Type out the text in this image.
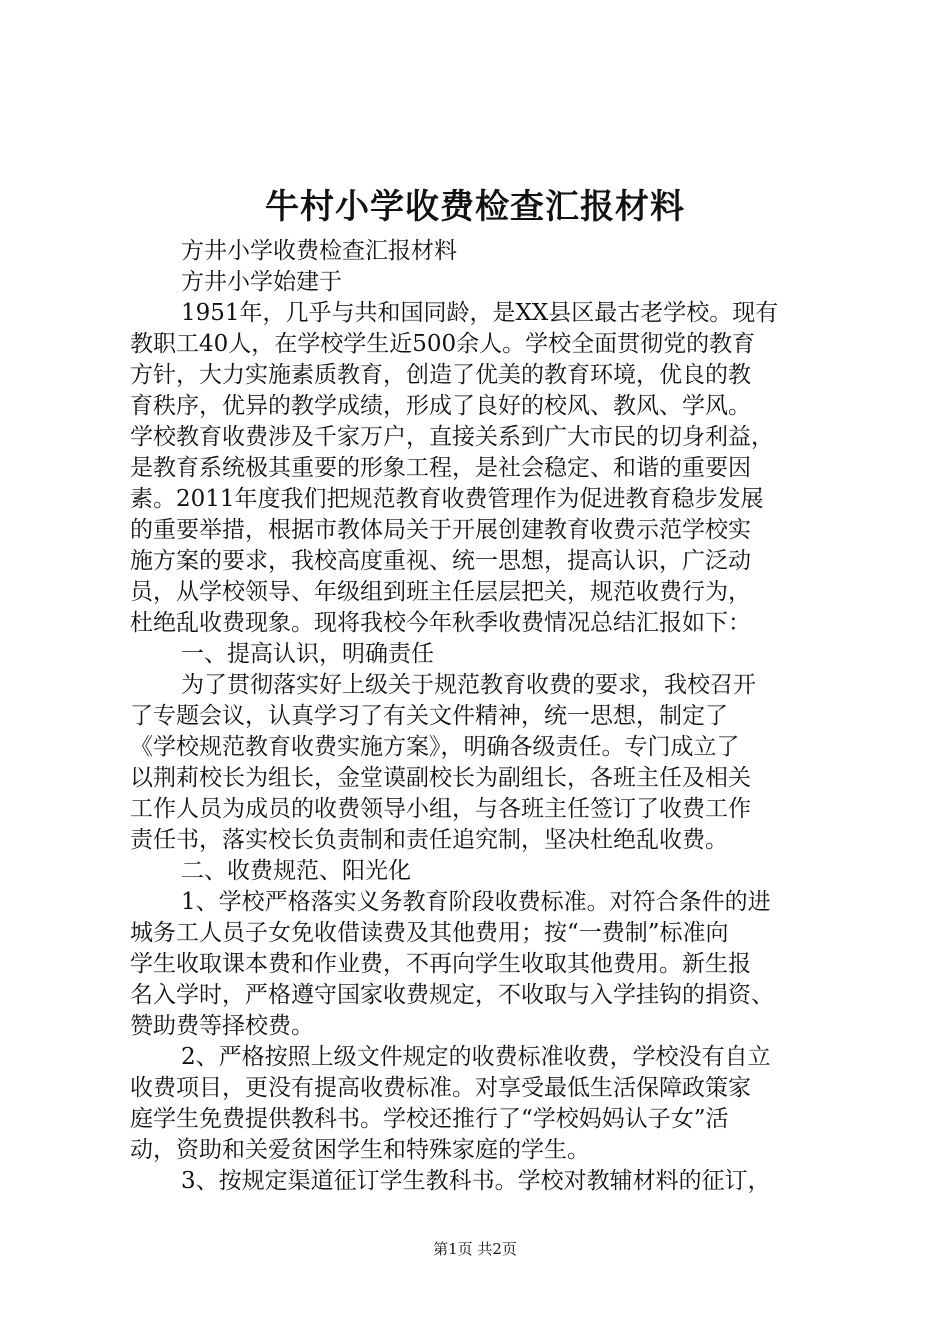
牛村小学收费检查汇报材料
方井小学收费检查汇报材料
方井小学始建于
1951年，几乎与共和国同龄，是XX县区最古老学校。现有
教职工40人，在学校学生近500余人。学校全面贯彻党的教育
方针，大力实施素质教育，创造了优美的教育环境，优良的教
育秩序，优异的教学成绩，形成了良好的校风、教风、学风。
学校教育收费涉及千家万户，直接关系到广大市民的切身利益，
是教育系统极其重要的形象工程，是社会稳定、和谐的重要因
素。2011年度我们把规范教育收费管理作为促进教育稳步发展
的重要举措，根据市教体局关于开展创建教育收费示范学校实
施方案的要求，我校高度重视、统一思想，提高认识，广泛动
员，从学校领导、年级组到班主任层层把关，规范收费行为，
杜绝乱收费现象。现将我校今年秋季收费情况总结汇报如下：
一、提高认识，明确责任
为了贯彻落实好上级关于规范教育收费的要求，我校召开
了专题会议，认真学习了有关文件精神，统一思想，制定了
《学校规范教育收费实施方案》，明确各级责任。专门成立了
以荆莉校长为组长，金堂谟副校长为副组长，各班主任及相关
工作人员为成员的收费领导小组，与各班主任签订了收费工作
责任书，落实校长负责制和责任追究制，坚决杜绝乱收费。
二、收费规范、阳光化
1、学校严格落实义务教育阶段收费标准。对符合条件的进
城务工人员子女免收借读费及其他费用；按“一费制”标准向
学生收取课本费和作业费，不再向学生收取其他费用。新生报
名入学时，严格遵守国家收费规定，不收取与入学挂钩的捐资、
赞助费等择校费。
2、严格按照上级文件规定的收费标准收费，学校没有自立
收费项目，更没有提高收费标准。对享受最低生活保障政策家
庭学生免费提供教科书。学校还推行了“学校妈妈认子女”活
动，资助和关爱贫困学生和特殊家庭的学生。
3、按规定渠道征订学生教科书。学校对教辅材料的征订，
第1页 共2页
